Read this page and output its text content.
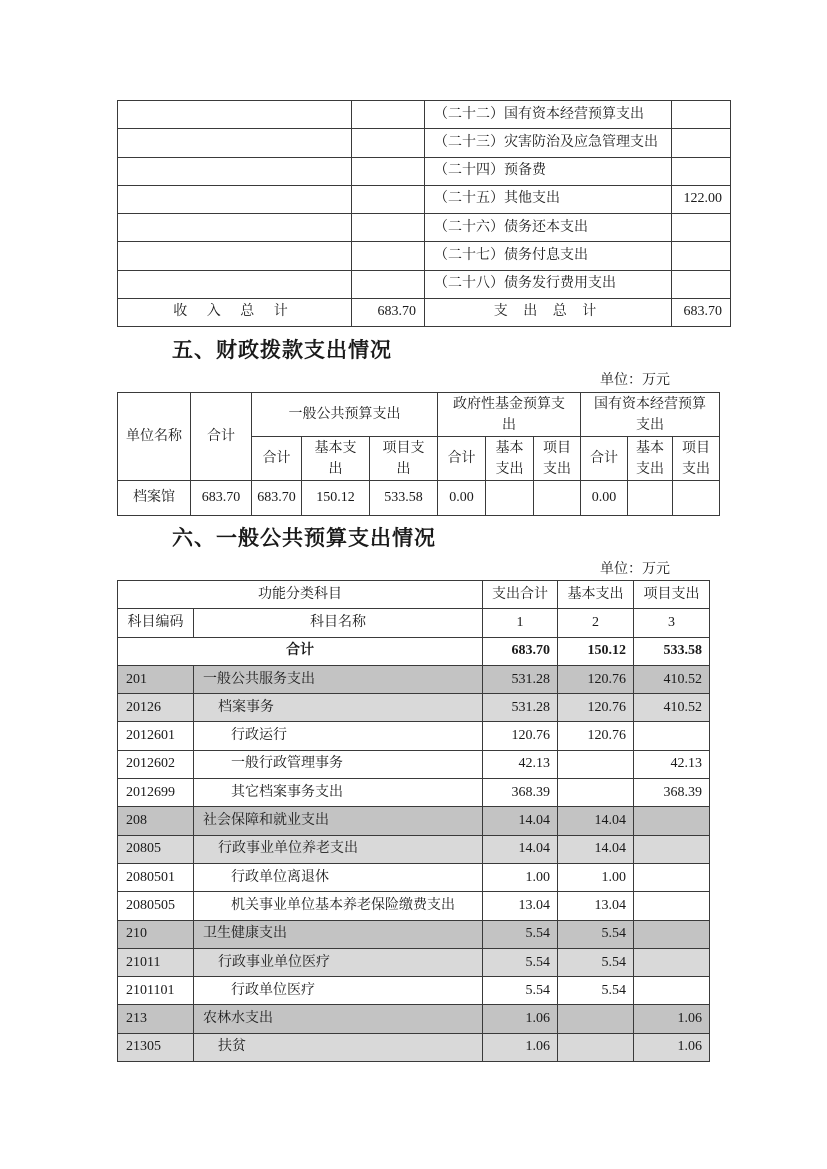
		（二十二）国有资本经营预算支出	
		（二十三）灾害防治及应急管理支出	
		（二十四）预备费	
		（二十五）其他支出	122.00
		（二十六）债务还本支出	
		（二十七）债务付息支出	
		（二十八）债务发行费用支出	
收 入 总 计	683.70	支 出 总 计	683.70
五、财政拨款支出情况
单位：万元
单位名称	合计	一般公共预算支出			政府性基金预算支出			国有资本经营预算支出		

		合计	基本支出	项目支出	合计	基本支出	项目支出	合计	基本支出	项目支出

档案馆	683.70	683.70	150.12	533.58	0.00			0.00		
六、一般公共预算支出情况
单位：万元
功能分类科目		支出合计	基本支出	项目支出
科目编码	科目名称	1	2	3
合计		683.70	150.12	533.58
201	一般公共服务支出	531.28	120.76	410.52
20126	档案事务	531.28	120.76	410.52
2012601	行政运行	120.76	120.76	
2012602	一般行政管理事务	42.13		42.13
2012699	其它档案事务支出	368.39		368.39
208	社会保障和就业支出	14.04	14.04	
20805	行政事业单位养老支出	14.04	14.04	
2080501	行政单位离退休	1.00	1.00	
2080505	机关事业单位基本养老保险缴费支出	13.04	13.04	
210	卫生健康支出	5.54	5.54	
21011	行政事业单位医疗	5.54	5.54	
2101101	行政单位医疗	5.54	5.54	
213	农林水支出	1.06		1.06
21305	扶贫	1.06		1.06
